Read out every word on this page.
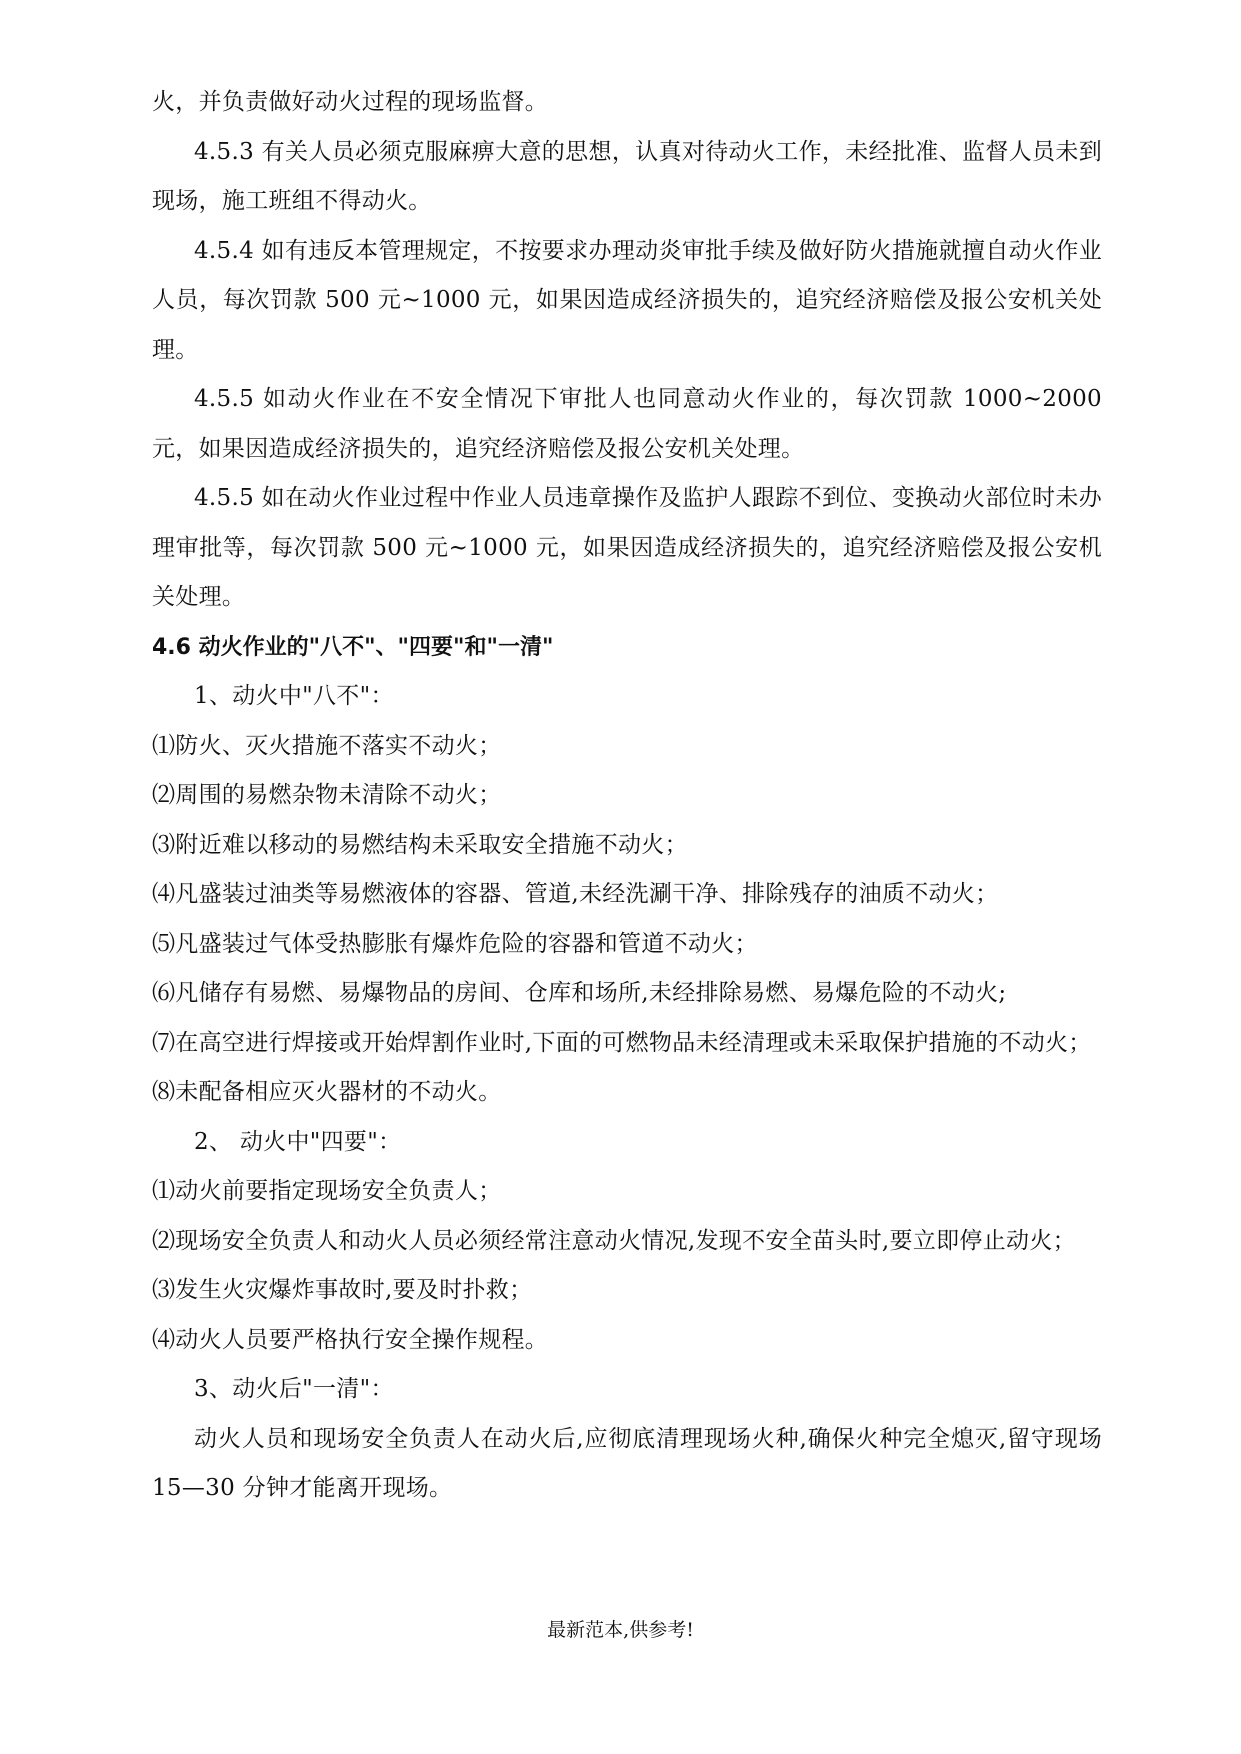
火，并负责做好动火过程的现场监督。

4.5.3 有关人员必须克服麻痹大意的思想，认真对待动火工作，未经批准、监督人员未到现场，施工班组不得动火。

4.5.4 如有违反本管理规定，不按要求办理动炎审批手续及做好防火措施就擅自动火作业人员，每次罚款 500 元~1000 元，如果因造成经济损失的，追究经济赔偿及报公安机关处理。

4.5.5 如动火作业在不安全情况下审批人也同意动火作业的，每次罚款 1000~2000 元，如果因造成经济损失的，追究经济赔偿及报公安机关处理。

4.5.5 如在动火作业过程中作业人员违章操作及监护人跟踪不到位、变换动火部位时未办理审批等，每次罚款 500 元~1000 元，如果因造成经济损失的，追究经济赔偿及报公安机关处理。

4.6 动火作业的"八不"、"四要"和"一清"

1、动火中"八不"：

⑴防火、灭火措施不落实不动火；

⑵周围的易燃杂物未清除不动火；

⑶附近难以移动的易燃结构未采取安全措施不动火；

⑷凡盛装过油类等易燃液体的容器、管道,未经洗涮干净、排除残存的油质不动火；

⑸凡盛装过气体受热膨胀有爆炸危险的容器和管道不动火；

⑹凡储存有易燃、易爆物品的房间、仓库和场所,未经排除易燃、易爆危险的不动火;

⑺在高空进行焊接或开始焊割作业时,下面的可燃物品未经清理或未采取保护措施的不动火；

⑻未配备相应灭火器材的不动火。

2、 动火中"四要"：

⑴动火前要指定现场安全负责人；

⑵现场安全负责人和动火人员必须经常注意动火情况,发现不安全苗头时,要立即停止动火；

⑶发生火灾爆炸事故时,要及时扑救；

⑷动火人员要严格执行安全操作规程。

3、动火后"一清"：

动火人员和现场安全负责人在动火后,应彻底清理现场火种,确保火种完全熄灭,留守现场 15—30 分钟才能离开现场。

最新范本,供参考!
